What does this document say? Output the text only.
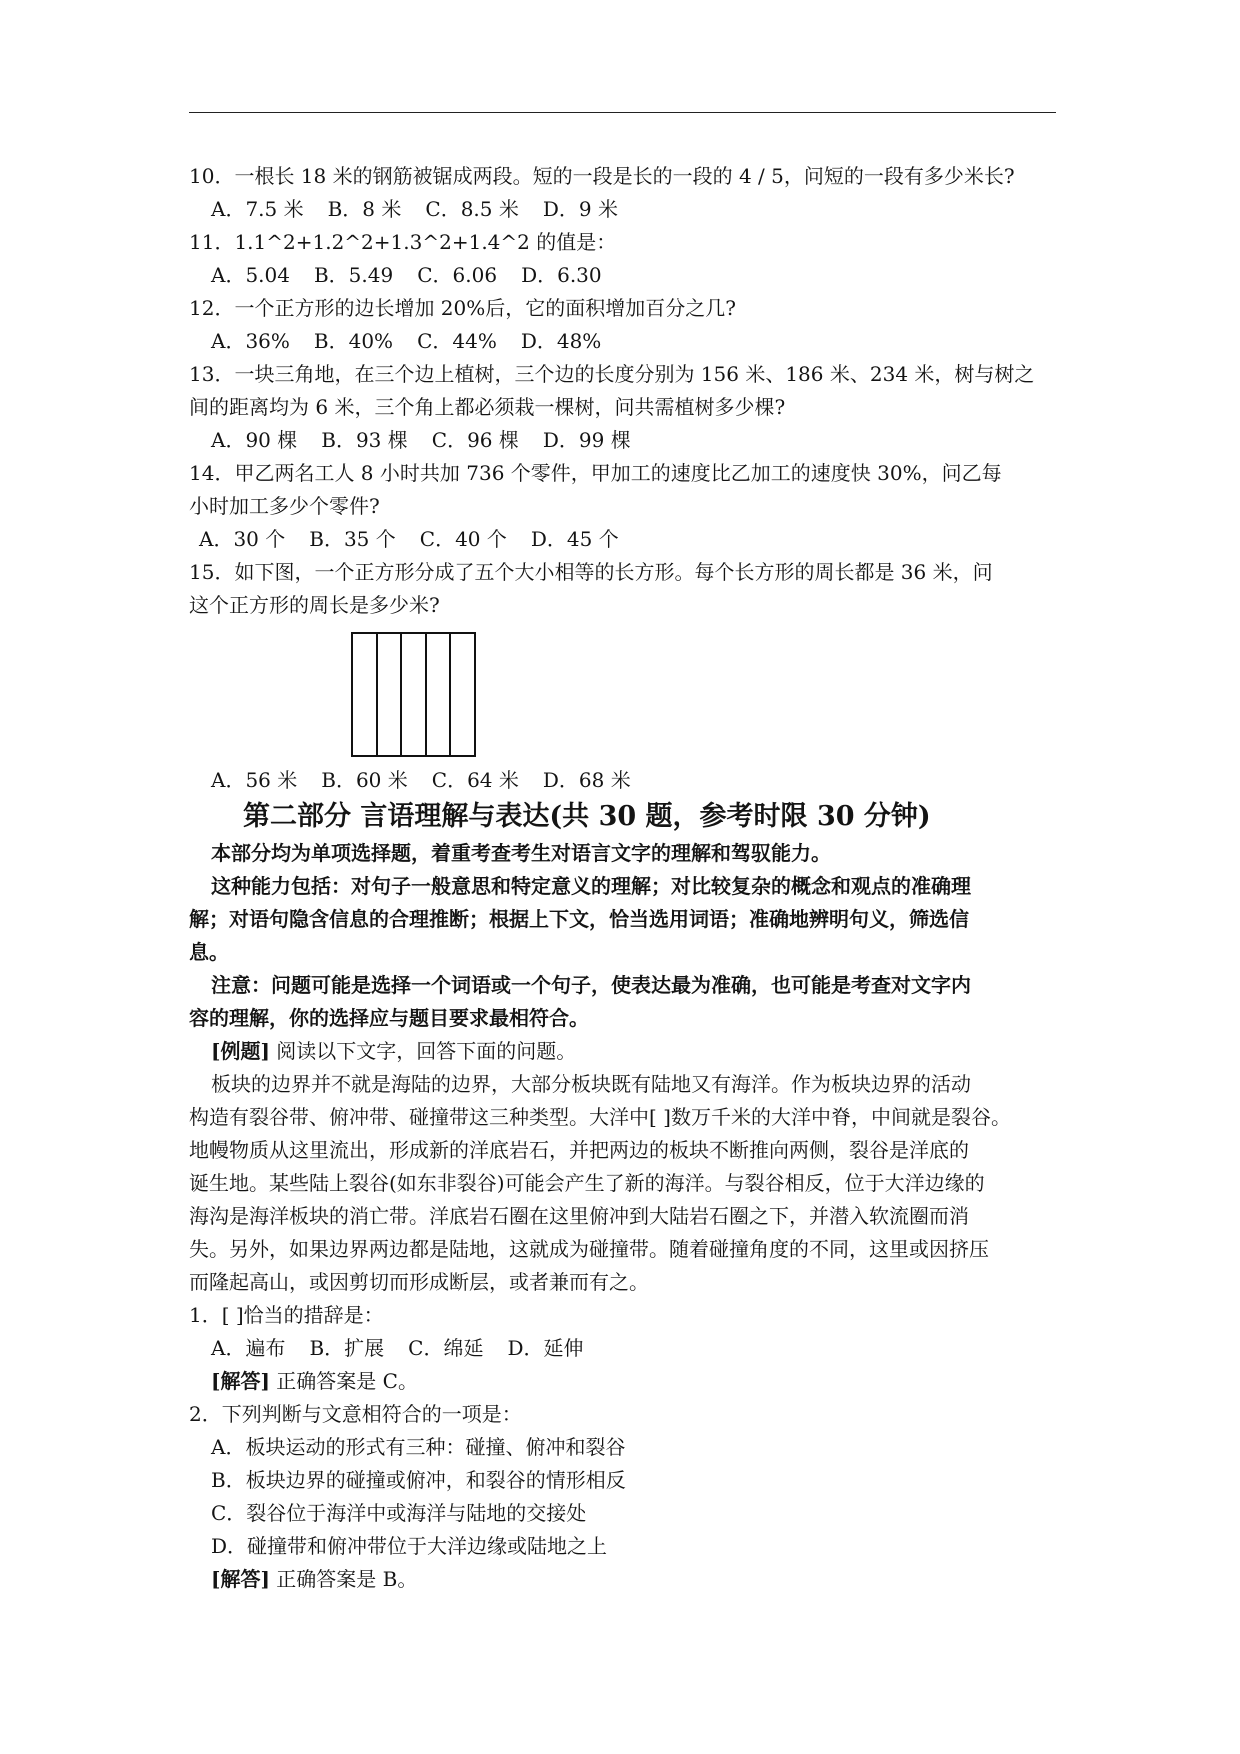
10．一根长 18 米的钢筋被锯成两段。短的一段是长的一段的 4 / 5，问短的一段有多少米长?
A．7.5 米 B．8 米 C．8.5 米 D．9 米
11．1.1^2+1.2^2+1.3^2+1.4^2 的值是：
A．5.04 B．5.49 C．6.06 D．6.30
12．一个正方形的边长增加 20%后，它的面积增加百分之几?
A．36% B．40% C．44% D．48%
13．一块三角地，在三个边上植树，三个边的长度分别为 156 米、186 米、234 米，树与树之
间的距离均为 6 米，三个角上都必须栽一棵树，问共需植树多少棵?
A．90 棵 B．93 棵 C．96 棵 D．99 棵
14．甲乙两名工人 8 小时共加 736 个零件，甲加工的速度比乙加工的速度快 30%，问乙每
小时加工多少个零件?
A．30 个 B．35 个 C．40 个 D．45 个
15．如下图，一个正方形分成了五个大小相等的长方形。每个长方形的周长都是 36 米，问
这个正方形的周长是多少米?
A．56 米 B．60 米 C．64 米 D．68 米
第二部分 言语理解与表达(共 30 题，参考时限 30 分钟)
本部分均为单项选择题，着重考查考生对语言文字的理解和驾驭能力。
这种能力包括：对句子一般意思和特定意义的理解；对比较复杂的概念和观点的准确理
解；对语句隐含信息的合理推断；根据上下文，恰当选用词语；准确地辨明句义，筛选信
息。
注意：问题可能是选择一个词语或一个句子，使表达最为准确，也可能是考查对文字内
容的理解，你的选择应与题目要求最相符合。
[例题] 阅读以下文字，回答下面的问题。
板块的边界并不就是海陆的边界，大部分板块既有陆地又有海洋。作为板块边界的活动
构造有裂谷带、俯冲带、碰撞带这三种类型。大洋中[ ]数万千米的大洋中脊，中间就是裂谷。
地幔物质从这里流出，形成新的洋底岩石，并把两边的板块不断推向两侧，裂谷是洋底的
诞生地。某些陆上裂谷(如东非裂谷)可能会产生了新的海洋。与裂谷相反，位于大洋边缘的
海沟是海洋板块的消亡带。洋底岩石圈在这里俯冲到大陆岩石圈之下，并潜入软流圈而消
失。另外，如果边界两边都是陆地，这就成为碰撞带。随着碰撞角度的不同，这里或因挤压
而隆起高山，或因剪切而形成断层，或者兼而有之。
1．[ ]恰当的措辞是：
A．遍布 B．扩展 C．绵延 D．延伸
[解答] 正确答案是 C。
2．下列判断与文意相符合的一项是：
A．板块运动的形式有三种：碰撞、俯冲和裂谷
B．板块边界的碰撞或俯冲，和裂谷的情形相反
C．裂谷位于海洋中或海洋与陆地的交接处
D．碰撞带和俯冲带位于大洋边缘或陆地之上
[解答] 正确答案是 B。
